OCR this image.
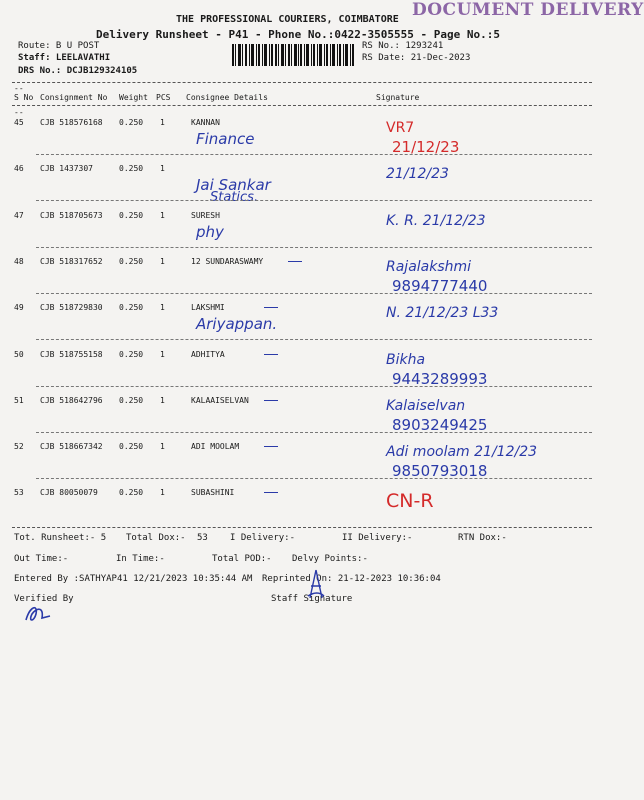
DOCUMENT DELIVERY
THE PROFESSIONAL COURIERS, COIMBATORE
Delivery Runsheet - P41 - Phone No.:0422-3505555 - Page No.:5
Route: B U POST
Staff: LEELAVATHI
DRS No.: DCJB129324105
RS No.: 1293241
RS Date: 21-Dec-2023
--
S No Consignment No Weight PCS Consignee Details	Signature
--
45 CJB 518576168 0.250 1	KANNAN
Finance
VR7
21/12/23
46 CJB 1437307	0.250 1
Jai Sankar
Statics.
21/12/23
47 CJB 518705673 0.250 1	SURESH
phy
K. R. 21/12/23
48 CJB 518317652 0.250 1	12 SUNDARASWAMY	Rajalakshmi
9894777440
49 CJB 518729830 0.250 1	LAKSHMI
Ariyappan.
N. 21/12/23 L33
50 CJB 518755158 0.250 1	ADHITYA	Bikha
9443289993
51 CJB 518642796 0.250 1	KALAAISELVAN	Kalaiselvan
8903249425
52 CJB 518667342 0.250 1	ADI MOOLAM	Adi moolam 21/12/23
9850793018
53 CJB 80050079	0.250 1	SUBASHINI	CN-R
Tot. Runsheet:- 5 Total Dox:- 53 I Delivery:-	II Delivery:-	RTN Dox:-
Out Time:-	In Time:-	Total POD:- Delvy Points:-
Entered By :SATHYAP41 12/21/2023 10:35:44 AM Reprinted On: 21-12-2023 10:36:04
Verified By	Staff Signature
